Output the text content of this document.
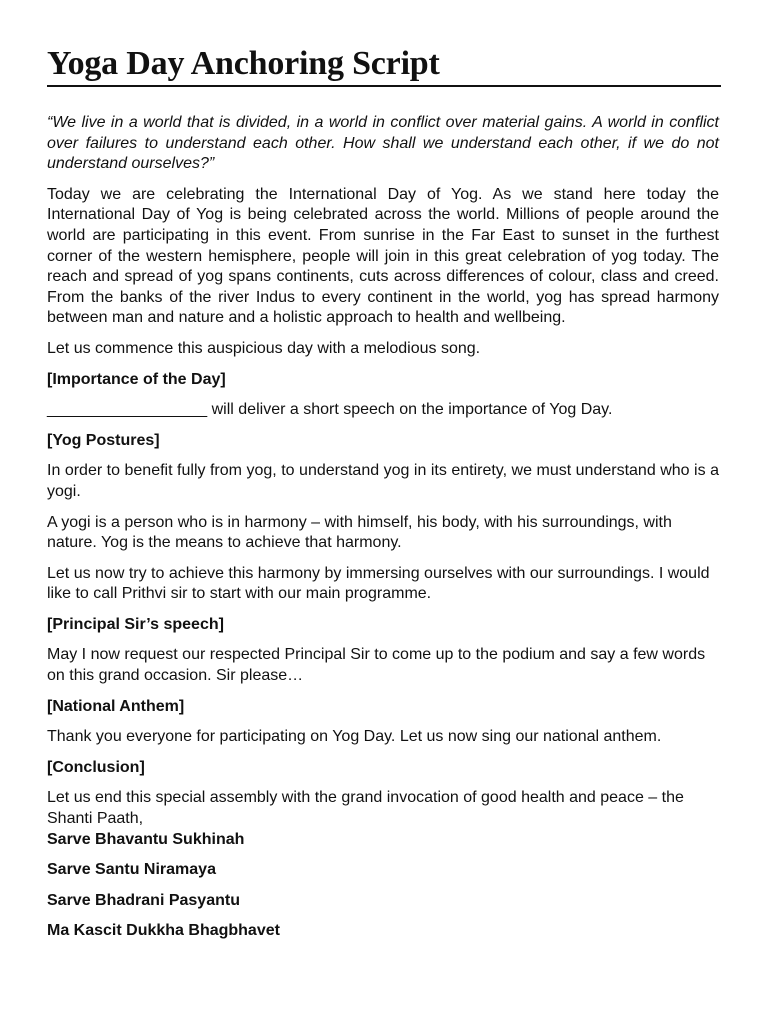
Yoga Day Anchoring Script

“We live in a world that is divided, in a world in conflict over material gains. A world in conflict over failures to understand each other. How shall we understand each other, if we do not understand ourselves?”

Today we are celebrating the International Day of Yog. As we stand here today the International Day of Yog is being celebrated across the world. Millions of people around the world are participating in this event. From sunrise in the Far East to sunset in the furthest corner of the western hemisphere, people will join in this great celebration of yog today. The reach and spread of yog spans continents, cuts across differences of colour, class and creed. From the banks of the river Indus to every continent in the world, yog has spread harmony between man and nature and a holistic approach to health and wellbeing.

Let us commence this auspicious day with a melodious song.

[Importance of the Day]

__________________ will deliver a short speech on the importance of Yog Day.

[Yog Postures]

In order to benefit fully from yog, to understand yog in its entirety, we must understand who is a yogi.

A yogi is a person who is in harmony – with himself, his body, with his surroundings, with nature. Yog is the means to achieve that harmony.

Let us now try to achieve this harmony by immersing ourselves with our surroundings. I would like to call Prithvi sir to start with our main programme.

[Principal Sir’s speech]

May I now request our respected Principal Sir to come up to the podium and say a few words on this grand occasion. Sir please…

[National Anthem]

Thank you everyone for participating on Yog Day. Let us now sing our national anthem.

[Conclusion]

Let us end this special assembly with the grand invocation of good health and peace – the Shanti Paath,

Sarve Bhavantu Sukhinah

Sarve Santu Niramaya

Sarve Bhadrani Pasyantu

Ma Kascit Dukkha Bhagbhavet
